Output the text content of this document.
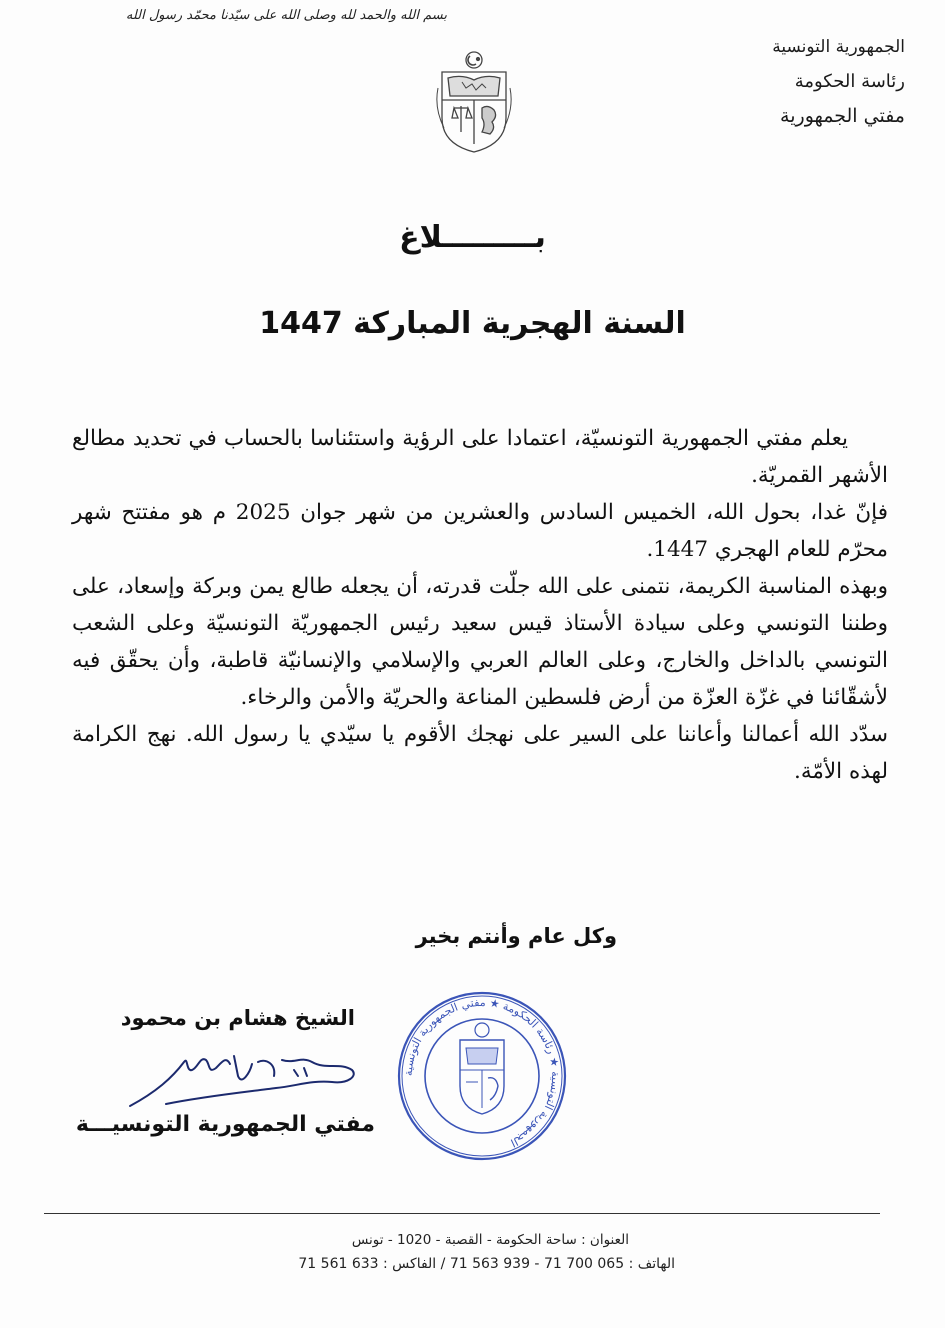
بسم الله والحمد لله وصلى الله على سيّدنا محمّد رسول الله
الجمهورية التونسية
رئاسة الحكومة
مفتي الجمهورية
بـــــــــلاغ
السنة الهجرية المباركة 1447

يعلم مفتي الجمهورية التونسيّة، اعتمادا على الرؤية واستئناسا بالحساب في تحديد مطالع الأشهر القمريّة.

فإنّ غدا، بحول الله، الخميس السادس والعشرين من شهر جوان 2025 م هو مفتتح شهر محرّم للعام الهجري 1447.

وبهذه المناسبة الكريمة، نتمنى على الله جلّت قدرته، أن يجعله طالع يمن وبركة وإسعاد، على وطننا التونسي وعلى سيادة الأستاذ قيس سعيد رئيس الجمهوريّة التونسيّة وعلى الشعب التونسي بالداخل والخارج، وعلى العالم العربي والإسلامي والإنسانيّة قاطبة، وأن يحقّق فيه لأشقّائنا في غزّة العزّة من أرض فلسطين المناعة والحريّة والأمن والرخاء.

سدّد الله أعمالنا وأعاننا على السير على نهجك الأقوم يا سيّدي يا رسول الله. نهج الكرامة لهذه الأمّة.

وكل عام وأنتم بخير
الشيخ هشام بن محمود
مفتي الجمهورية التونسيـــة
الجمهورية التونسية ★ رئاسة الحكومة ★ مفتي الجمهورية التونسية
العنوان : ساحة الحكومة - القصبة - 1020 - تونس
الهاتف : 71 563 939 - 71 700 065 / الفاكس : 71 561 633
